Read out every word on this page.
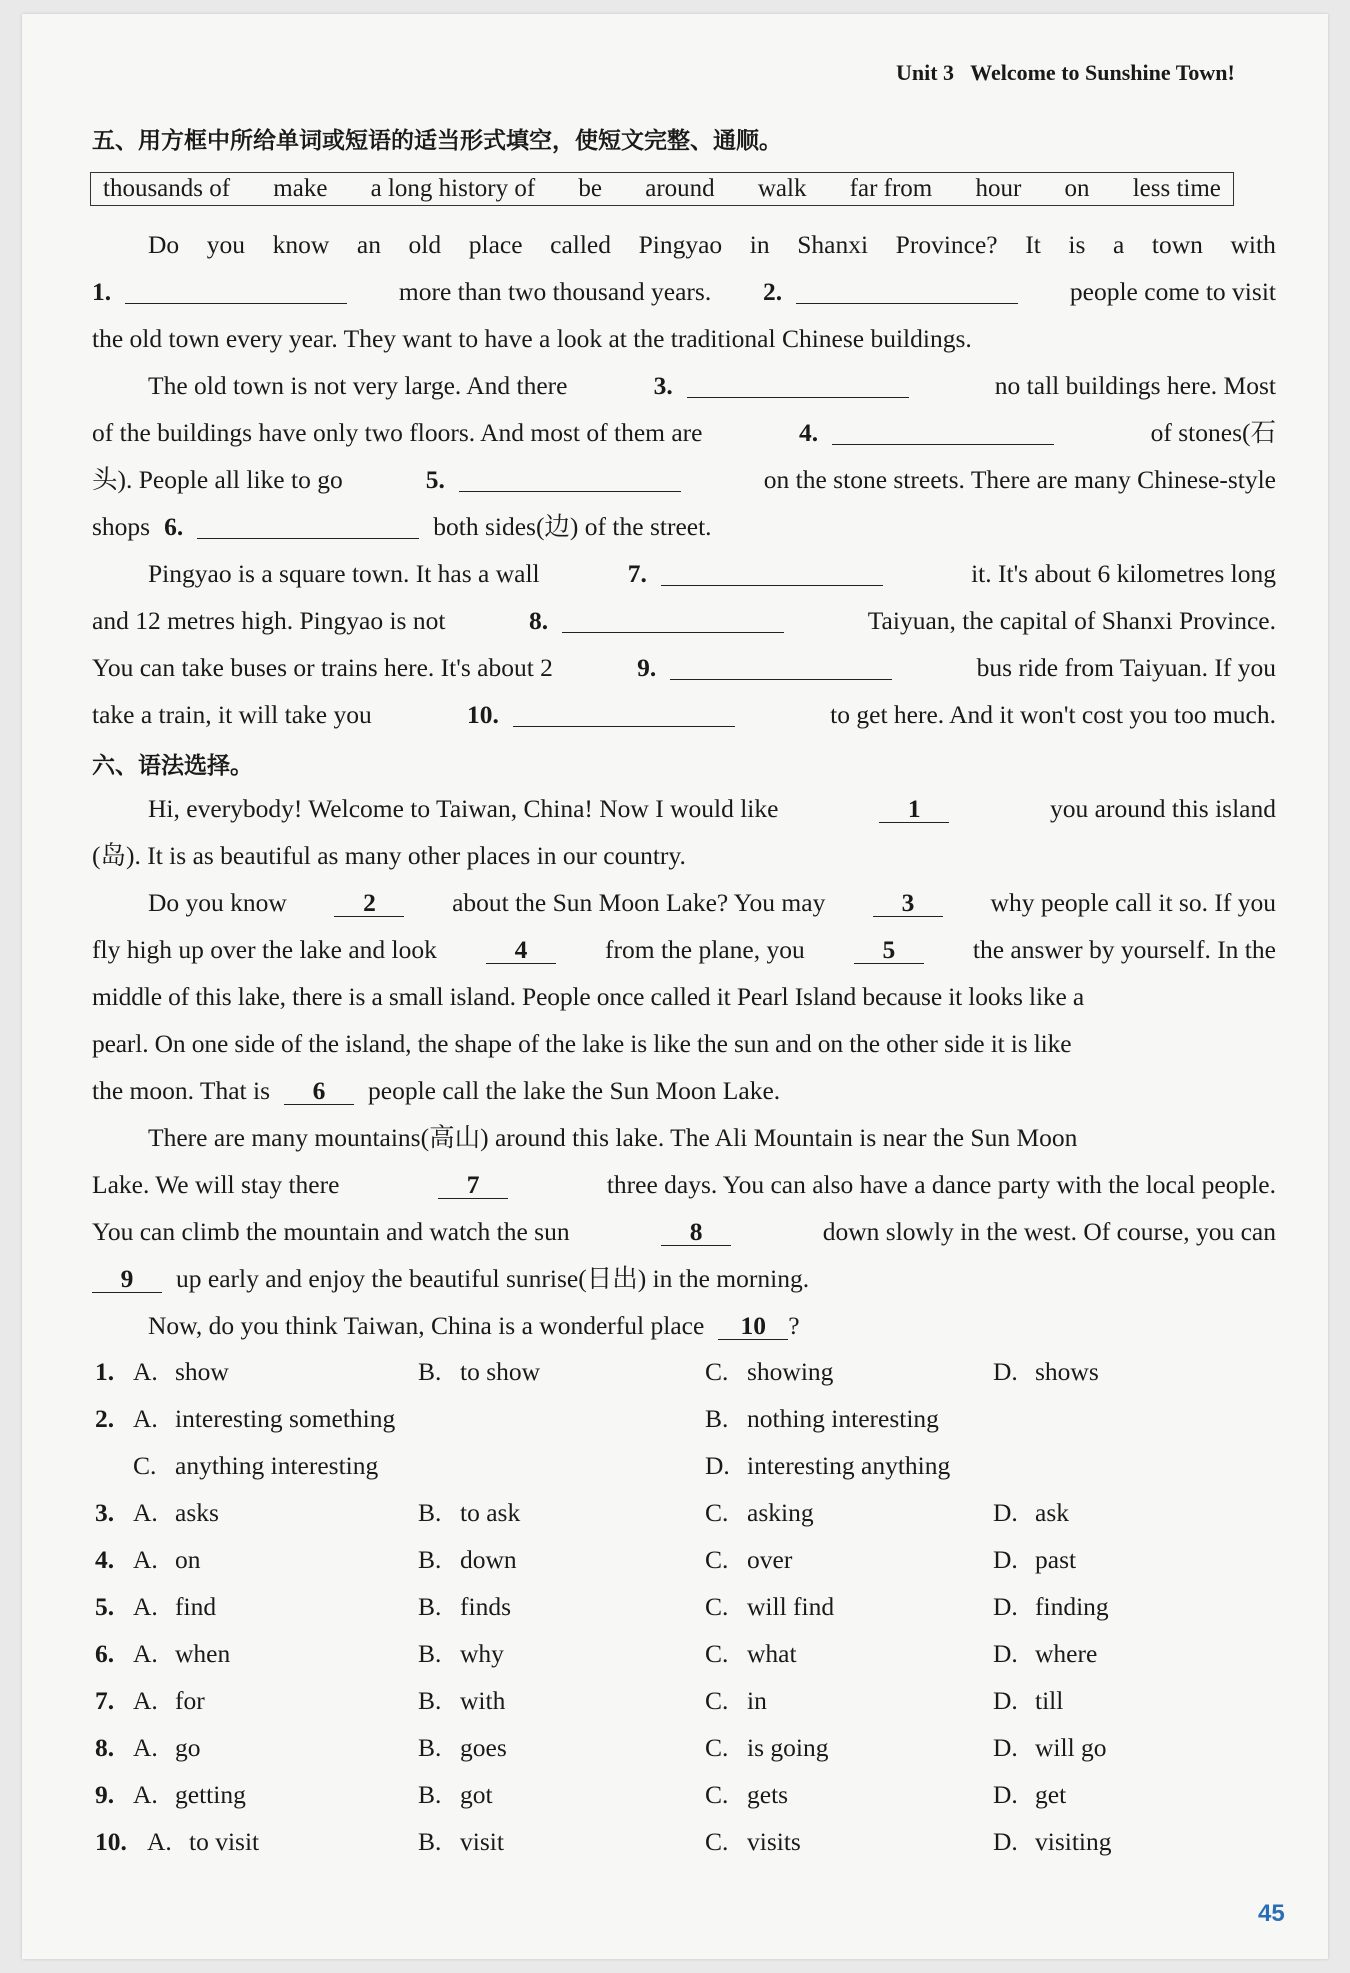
Unit 3 Welcome to Sunshine Town!
五、用方框中所给单词或短语的适当形式填空，使短文完整、通顺。
thousands of make a long history of be around walk far from hour on less time
Do you know an old place called Pingyao in Shanxi Province? It is a town with
1.	more than two thousand years. 2.	people come to visit
the old town every year. They want to have a look at the traditional Chinese buildings.
The old town is not very large. And there	3.	no tall buildings here. Most
of the buildings have only two floors. And most of them are	4.	of stones(石
头). People all like to go	5.	on the stone streets. There are many Chinese-style
shops 6.	both sides(边) of the street.
Pingyao is a square town. It has a wall	7.	it. It's about 6 kilometres long
and 12 metres high. Pingyao is not	8.	Taiyuan, the capital of Shanxi Province.
You can take buses or trains here. It's about 2	9.	bus ride from Taiyuan. If you
take a train, it will take you	10.	to get here. And it won't cost you too much.
六、语法选择。
Hi, everybody! Welcome to Taiwan, China! Now I would like	1	you around this island
(岛). It is as beautiful as many other places in our country.
Do you know	2	about the Sun Moon Lake? You may	3	why people call it so. If you
fly high up over the lake and look	4	from the plane, you	5	the answer by yourself. In the
middle of this lake, there is a small island. People once called it Pearl Island because it looks like a
pearl. On one side of the island, the shape of the lake is like the sun and on the other side it is like
the moon. That is	6	people call the lake the Sun Moon Lake.
There are many mountains(高山) around this lake. The Ali Mountain is near the Sun Moon
Lake. We will stay there	7	three days. You can also have a dance party with the local people.
You can climb the mountain and watch the sun	8	down slowly in the west. Of course, you can
9	up early and enjoy the beautiful sunrise(日出) in the morning.
Now, do you think Taiwan, China is a wonderful place	10 ?
1. A. show	B. to show	C. showing	D. shows
2. A. interesting something	B. nothing interesting
C. anything interesting	D. interesting anything
3. A. asks	B. to ask	C. asking	D. ask
4. A. on	B. down	C. over	D. past
5. A. find	B. finds	C. will find	D. finding
6. A. when	B. why	C. what	D. where
7. A. for	B. with	C. in	D. till
8. A. go	B. goes	C. is going	D. will go
9. A. getting	B. got	C. gets	D. get
10. A. to visit	B. visit	C. visits	D. visiting
45
